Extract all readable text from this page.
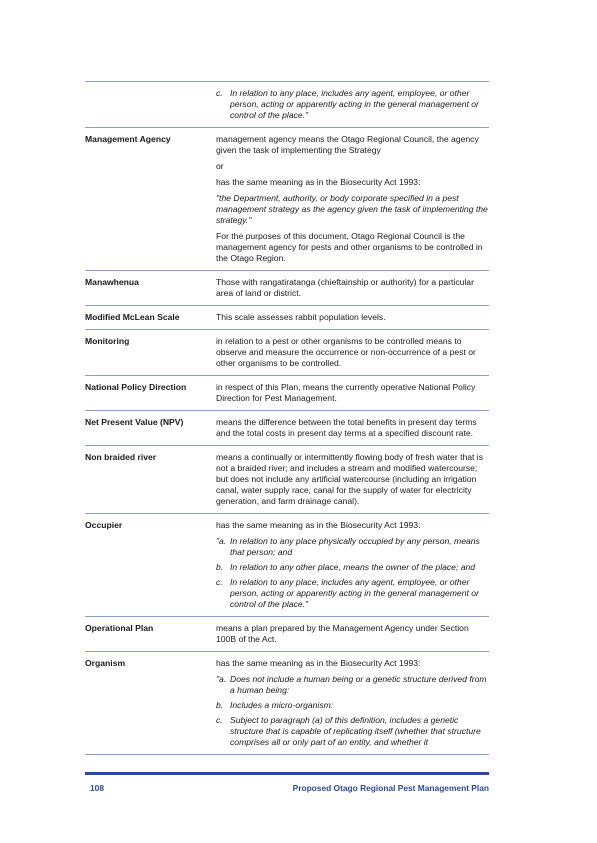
c. In relation to any place, includes any agent, employee, or other person, acting or apparently acting in the general management or control of the place."
Management Agency	management agency means the Otago Regional Council, the agency given the task of implementing the Strategy

or

has the same meaning as in the Biosecurity Act 1993:

"the Department, authority, or body corporate specified in a pest management strategy as the agency given the task of implementing the strategy."

For the purposes of this document, Otago Regional Council is the management agency for pests and other organisms to be controlled in the Otago Region.

Manawhenua	Those with rangatiratanga (chieftainship or authority) for a particular area of land or district.

Modified McLean Scale	This scale assesses rabbit population levels.

Monitoring	in relation to a pest or other organisms to be controlled means to observe and measure the occurrence or non-occurrence of a pest or other organisms to be controlled.

National Policy Direction	in respect of this Plan, means the currently operative National Policy Direction for Pest Management.

Net Present Value (NPV)	means the difference between the total benefits in present day terms and the total costs in present day terms at a specified discount rate.

Non braided river	means a continually or intermittently flowing body of fresh water that is not a braided river; and includes a stream and modified watercourse; but does not include any artificial watercourse (including an irrigation canal, water supply race, canal for the supply of water for electricity generation, and farm drainage canal).

Occupier	has the same meaning as in the Biosecurity Act 1993:

"a. In relation to any place physically occupied by any person, means that person; and
b. In relation to any other place, means the owner of the place; and
c. In relation to any place, includes any agent, employee, or other person, acting or apparently acting in the general management or control of the place."
Operational Plan	means a plan prepared by the Management Agency under Section 100B of the Act.

Organism	has the same meaning as in the Biosecurity Act 1993:

"a. Does not include a human being or a genetic structure derived from a human being:
b. Includes a micro-organism:
c. Subject to paragraph (a) of this definition, includes a genetic structure that is capable of replicating itself (whether that structure comprises all or only part of an entity, and whether it
108	Proposed Otago Regional Pest Management Plan
